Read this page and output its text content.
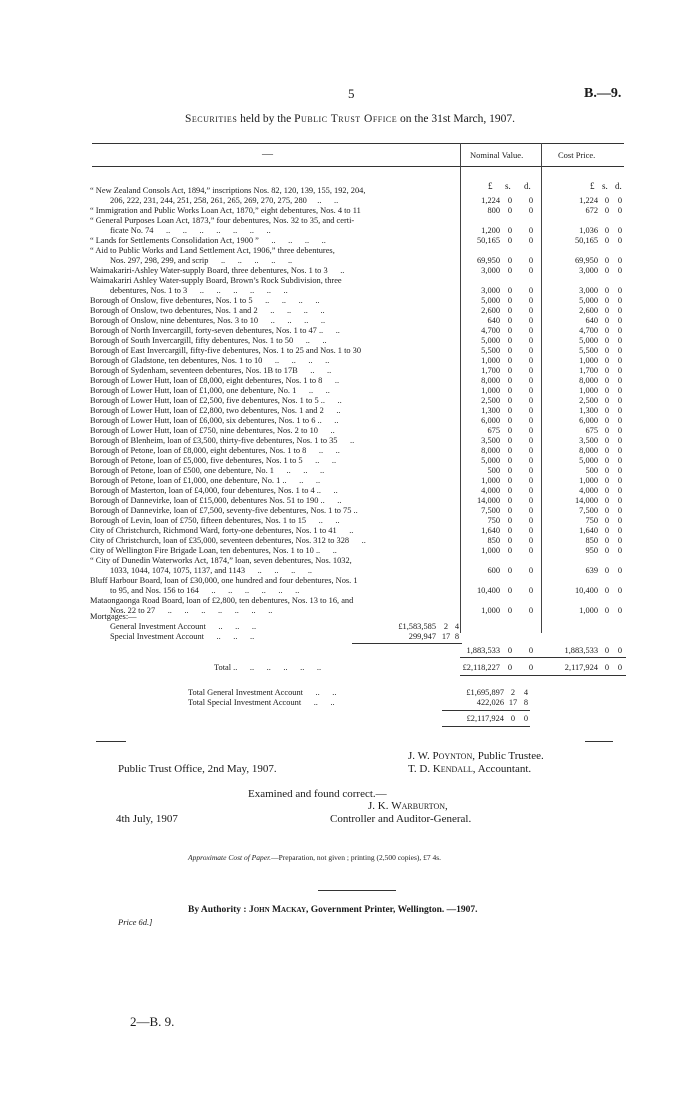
5	B.—9.
Securities held by the Public Trust Office on the 31st March, 1907.
—	Nominal Value.	Cost Price.
£ s. d.	£ s. d.
“ New Zealand Consols Act, 1894,” inscriptions Nos. 82, 120, 139, 155, 192, 204,
206, 222, 231, 244, 251, 258, 261, 265, 269, 270, 275, 280     ..      ..	1,224 0	0	1,224 0	0
“ Immigration and Public Works Loan Act, 1870,” eight debentures, Nos. 4 to 11	800 0	0	672 0	0
“ General Purposes Loan Act, 1873,” four debentures, Nos. 32 to 35, and certi-
ficate No. 74      ..      ..      ..      ..      ..      ..      ..	1,200 0	0	1,036 0	0
“ Lands for Settlements Consolidation Act, 1900 ”      ..      ..      ..      ..	50,165 0	0	50,165 0	0
“ Aid to Public Works and Land Settlement Act, 1906,” three debentures,
Nos. 297, 298, 299, and scrip      ..      ..      ..      ..      ..	69,950 0	0	69,950 0	0
Waimakariri-Ashley Water-supply Board, three debentures, Nos. 1 to 3      ..	3,000 0	0	3,000 0	0
Waimakariri Ashley Water-supply Board, Brown’s Rock Subdivision, three
debentures, Nos. 1 to 3      ..      ..      ..      ..      ..      ..	3,000 0	0	3,000 0	0
Borough of Onslow, five debentures, Nos. 1 to 5      ..      ..      ..      ..	5,000 0	0	5,000 0	0
Borough of Onslow, two debentures, Nos. 1 and 2      ..      ..      ..      ..	2,600 0	0	2,600 0	0
Borough of Onslow, nine debentures, Nos. 3 to 10      ..      ..      ..      ..	640 0	0	640 0	0
Borough of North Invercargill, forty-seven debentures, Nos. 1 to 47 ..      ..	4,700 0	0	4,700 0	0
Borough of South Invercargill, fifty debentures, Nos. 1 to 50      ..      ..	5,000 0	0	5,000 0	0
Borough of East Invercargill, fifty-five debentures, Nos. 1 to 25 and Nos. 1 to 30	5,500 0	0	5,500 0	0
Borough of Gladstone, ten debentures, Nos. 1 to 10      ..      ..      ..      ..	1,000 0	0	1,000 0	0
Borough of Sydenham, seventeen debentures, Nos. 1B to 17B      ..      ..	1,700 0	0	1,700 0	0
Borough of Lower Hutt, loan of £8,000, eight debentures, Nos. 1 to 8      ..	8,000 0	0	8,000 0	0
Borough of Lower Hutt, loan of £1,000, one debenture, No. 1      ..      ..	1,000 0	0	1,000 0	0
Borough of Lower Hutt, loan of £2,500, five debentures, Nos. 1 to 5 ..      ..	2,500 0	0	2,500 0	0
Borough of Lower Hutt, loan of £2,800, two debentures, Nos. 1 and 2      ..	1,300 0	0	1,300 0	0
Borough of Lower Hutt, loan of £6,000, six debentures, Nos. 1 to 6 ..      ..	6,000 0	0	6,000 0	0
Borough of Lower Hutt, loan of £750, nine debentures, Nos. 2 to 10      ..	675 0	0	675 0	0
Borough of Blenheim, loan of £3,500, thirty-five debentures, Nos. 1 to 35      ..	3,500 0	0	3,500 0	0
Borough of Petone, loan of £8,000, eight debentures, Nos. 1 to 8      ..      ..	8,000 0	0	8,000 0	0
Borough of Petone, loan of £5,000, five debentures, Nos. 1 to 5      ..      ..	5,000 0	0	5,000 0	0
Borough of Petone, loan of £500, one debenture, No. 1      ..      ..      ..	500 0	0	500 0	0
Borough of Petone, loan of £1,000, one debenture, No. 1 ..      ..      ..	1,000 0	0	1,000 0	0
Borough of Masterton, loan of £4,000, four debentures, Nos. 1 to 4 ..      ..	4,000 0	0	4,000 0	0
Borough of Dannevirke, loan of £15,000, debentures Nos. 51 to 190 ..      ..	14,000 0	0	14,000 0	0
Borough of Dannevirke, loan of £7,500, seventy-five debentures, Nos. 1 to 75 ..	7,500 0	0	7,500 0	0
Borough of Levin, loan of £750, fifteen debentures, Nos. 1 to 15      ..      ..	750 0	0	750 0	0
City of Christchurch, Richmond Ward, forty-one debentures, Nos. 1 to 41      ..	1,640 0	0	1,640 0	0
City of Christchurch, loan of £35,000, seventeen debentures, Nos. 312 to 328      ..	850 0	0	850 0	0
City of Wellington Fire Brigade Loan, ten debentures, Nos. 1 to 10 ..      ..	1,000 0	0	950 0	0
“ City of Dunedin Waterworks Act, 1874,” loan, seven debentures, Nos. 1032,
1033, 1044, 1074, 1075, 1137, and 1143      ..      ..      ..      ..	600 0	0	639 0	0
Bluff Harbour Board, loan of £30,000, one hundred and four debentures, Nos. 1
to 95, and Nos. 156 to 164      ..      ..      ..      ..      ..      ..	10,400 0	0	10,400 0	0
Mataongaonga Road Board, loan of £2,800, ten debentures, Nos. 13 to 16, and
Nos. 22 to 27      ..      ..      ..      ..      ..      ..      ..	1,000 0	0	1,000 0	0
Mortgages:—
General Investment Account      ..      ..      ..	£1,583,585 2 4
Special Investment Account      ..      ..      ..	299,947 17 8
1,883,533 0	0	1,883,533 0	0
Total ..      ..      ..      ..      ..      ..	£2,118,227 0	0	2,117,924 0	0
Total General Investment Account      ..      ..	£1,695,897 2	4
Total Special Investment Account      ..      ..	422,026 17 8
£2,117,924 0	0
J. W. Poynton, Public Trustee.
Public Trust Office, 2nd May, 1907.	T. D. Kendall, Accountant.
Examined and found correct.—
J. K. Warburton,
4th July, 1907	Controller and Auditor-General.
Approximate Cost of Paper.—Preparation, not given ; printing (2,500 copies), £7 4s.
By Authority : John Mackay, Government Printer, Wellington. —1907.
Price 6d.]
2—B. 9.
